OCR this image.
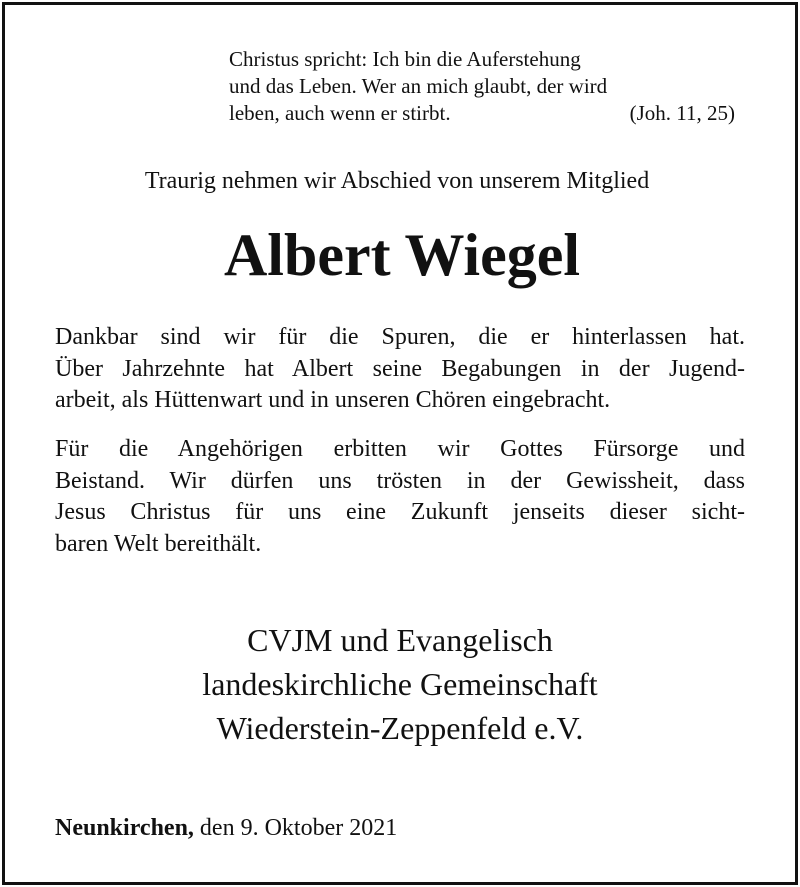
Christus spricht: Ich bin die Auferstehung
und das Leben. Wer an mich glaubt, der wird
leben, auch wenn er stirbt.	(Joh. 11, 25)
Traurig nehmen wir Abschied von unserem Mitglied
Albert Wiegel
Dankbar sind wir für die Spuren, die er hinterlassen hat.
Über Jahrzehnte hat Albert seine Begabungen in der Jugend-
arbeit, als Hüttenwart und in unseren Chören eingebracht.
Für die Angehörigen erbitten wir Gottes Fürsorge und
Beistand. Wir dürfen uns trösten in der Gewissheit, dass
Jesus Christus für uns eine Zukunft jenseits dieser sicht-
baren Welt bereithält.
CVJM und Evangelisch
landeskirchliche Gemeinschaft
Wiederstein-Zeppenfeld e.V.
Neunkirchen, den 9. Oktober 2021
